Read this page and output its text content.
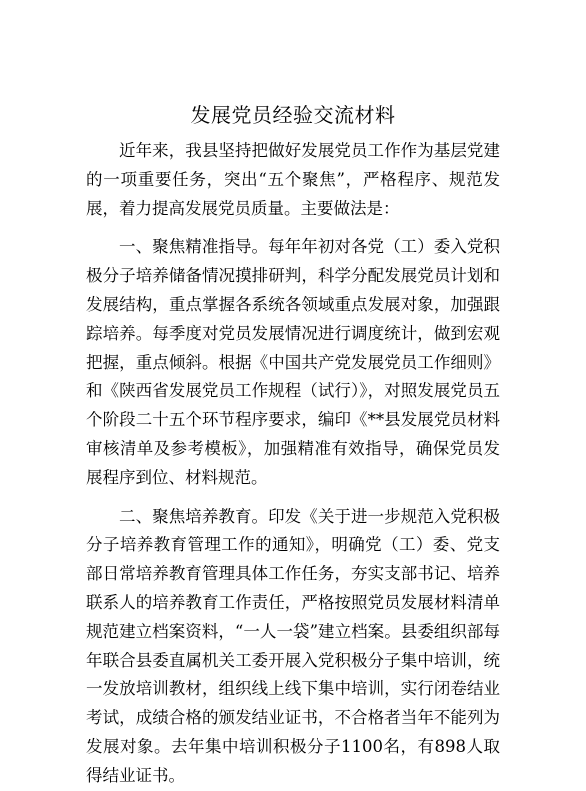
发展党员经验交流材料

近年来，我县坚持把做好发展党员工作作为基层党建的一项重要任务，突出“五个聚焦”，严格程序、规范发展，着力提高发展党员质量。主要做法是：

一、聚焦精准指导。每年年初对各党（工）委入党积极分子培养储备情况摸排研判，科学分配发展党员计划和发展结构，重点掌握各系统各领域重点发展对象，加强跟踪培养。每季度对党员发展情况进行调度统计，做到宏观把握，重点倾斜。根据《中国共产党发展党员工作细则》和《陕西省发展党员工作规程（试行）》，对照发展党员五个阶段二十五个环节程序要求，编印《**县发展党员材料审核清单及参考模板》，加强精准有效指导，确保党员发展程序到位、材料规范。

二、聚焦培养教育。印发《关于进一步规范入党积极分子培养教育管理工作的通知》，明确党（工）委、党支部日常培养教育管理具体工作任务，夯实支部书记、培养联系人的培养教育工作责任，严格按照党员发展材料清单规范建立档案资料，“一人一袋”建立档案。县委组织部每年联合县委直属机关工委开展入党积极分子集中培训，统一发放培训教材，组织线上线下集中培训，实行闭卷结业考试，成绩合格的颁发结业证书，不合格者当年不能列为发展对象。去年集中培训积极分子1100名，有898人取得结业证书。
